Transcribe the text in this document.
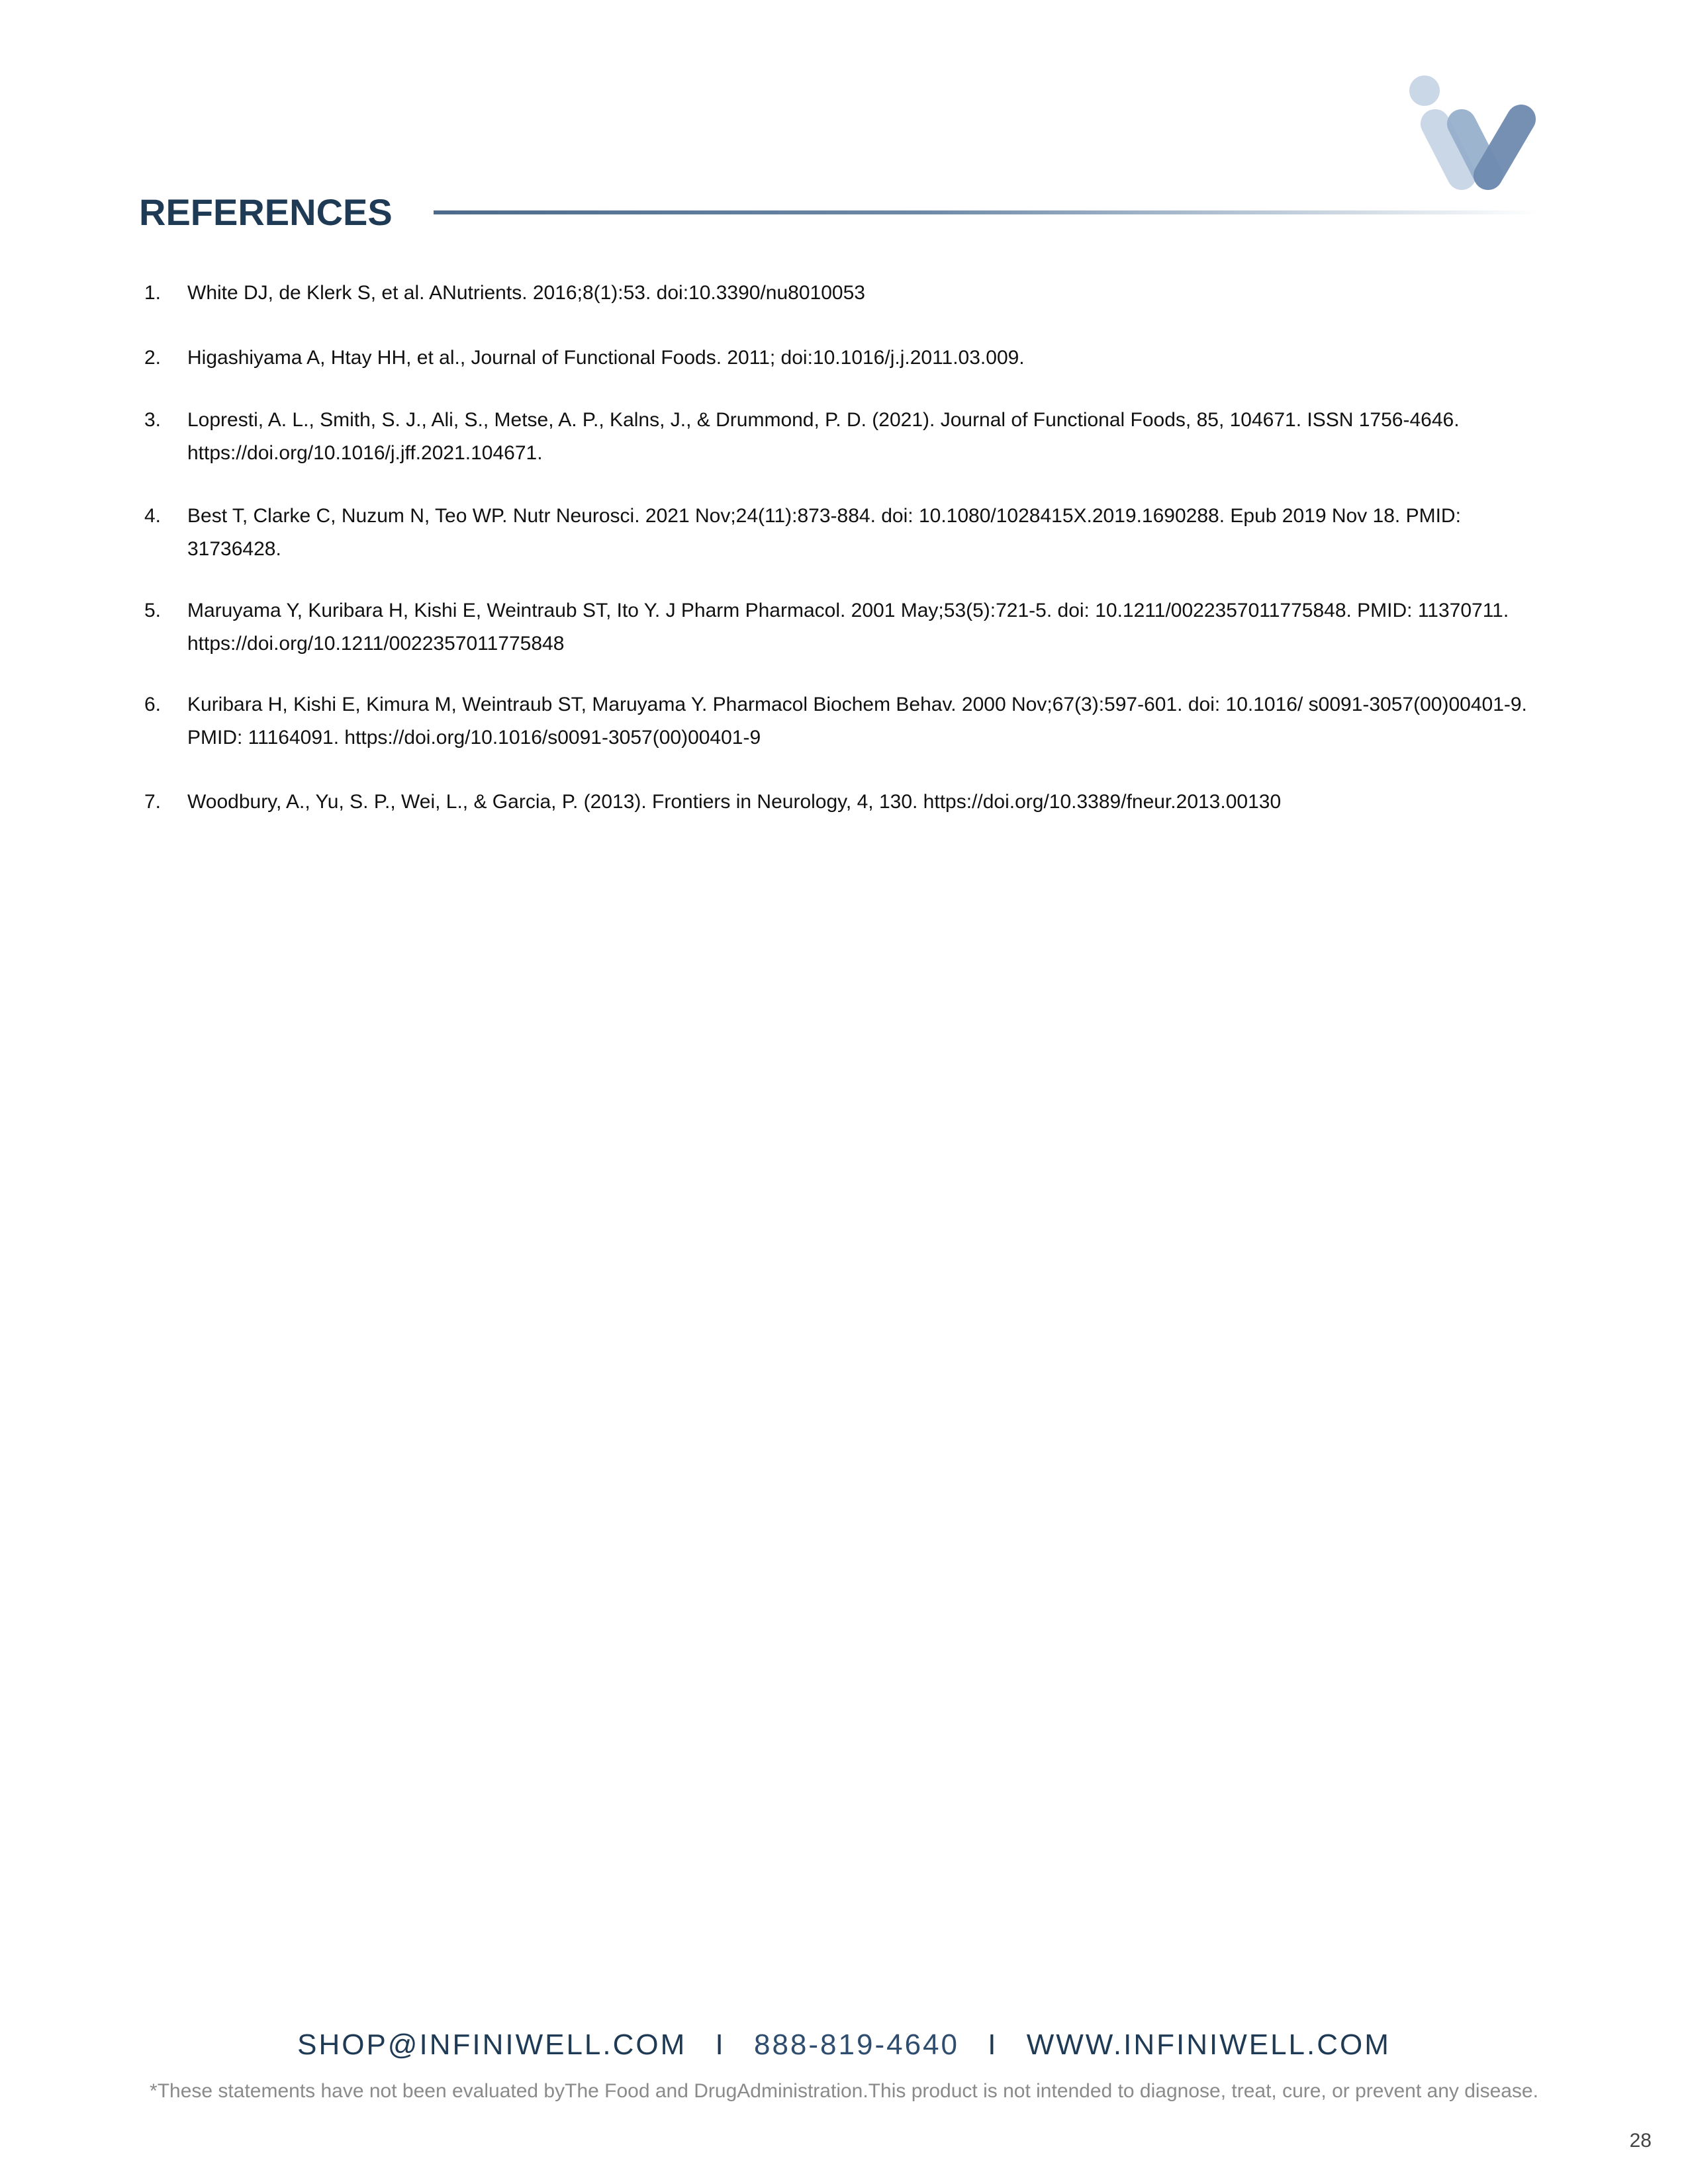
REFERENCES
1.	White DJ, de Klerk S, et al. ANutrients. 2016;8(1):53. doi:10.3390/nu8010053
2.	Higashiyama A, Htay HH, et al., Journal of Functional Foods. 2011; doi:10.1016/j.j.2011.03.009.
3.	Lopresti, A. L., Smith, S. J., Ali, S., Metse, A. P., Kalns, J., & Drummond, P. D. (2021). Journal of Functional Foods, 85, 104671. ISSN 1756-4646. https://doi.org/10.1016/j.jff.2021.104671.
4.	Best T, Clarke C, Nuzum N, Teo WP. Nutr Neurosci. 2021 Nov;24(11):873-884. doi: 10.1080/1028415X.2019.1690288. Epub 2019 Nov 18. PMID: 31736428.
5.	Maruyama Y, Kuribara H, Kishi E, Weintraub ST, Ito Y. J Pharm Pharmacol. 2001 May;53(5):721-5. doi: 10.1211/0022357011775848. PMID: 11370711. https://doi.org/10.1211/0022357011775848
6.	Kuribara H, Kishi E, Kimura M, Weintraub ST, Maruyama Y. Pharmacol Biochem Behav. 2000 Nov;67(3):597-601. doi: 10.1016/ s0091-3057(00)00401-9. PMID: 11164091. https://doi.org/10.1016/s0091-3057(00)00401-9
7.	Woodbury, A., Yu, S. P., Wei, L., & Garcia, P. (2013). Frontiers in Neurology, 4, 130. https://doi.org/10.3389/fneur.2013.00130
SHOP@INFINIWELL.COM I 888-819-4640 I WWW.INFINIWELL.COM
*These statements have not been evaluated byThe Food and DrugAdministration.This product is not intended to diagnose, treat, cure, or prevent any disease.
28
